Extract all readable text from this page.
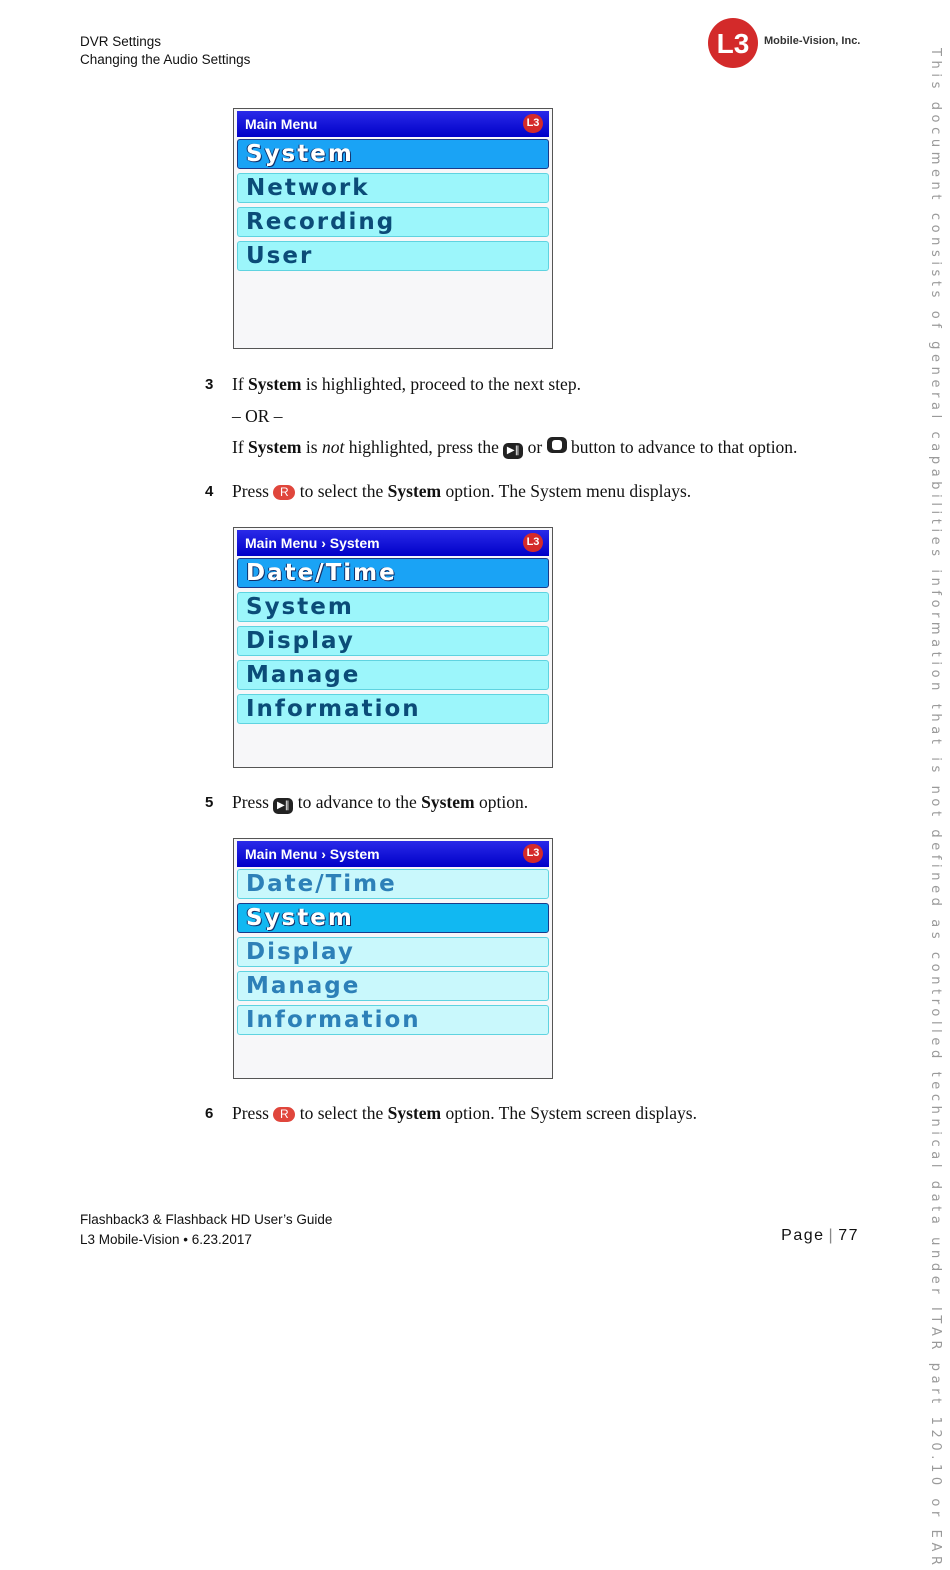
DVR Settings
Changing the Audio Settings
L3 Mobile-Vision, Inc.
This document consists of general capabilities information that is not defined as controlled technical data under ITAR part 120.10 or EAR
Main Menu	L3
System
Network
Recording
User
3 If System is highlighted, proceed to the next step.
– OR –
If System is not highlighted, press the ▶‖ or  button to advance to that option.
4 Press R to select the System option. The System menu displays.
Main Menu › System	L3
Date/Time
System
Display
Manage
Information
5 Press ▶‖ to advance to the System option.
Main Menu › System	L3
Date/Time
System
Display
Manage
Information
6 Press R to select the System option. The System screen displays.
Flashback3 & Flashback HD User’s Guide
L3 Mobile-Vision • 6.23.2017	Page | 77
